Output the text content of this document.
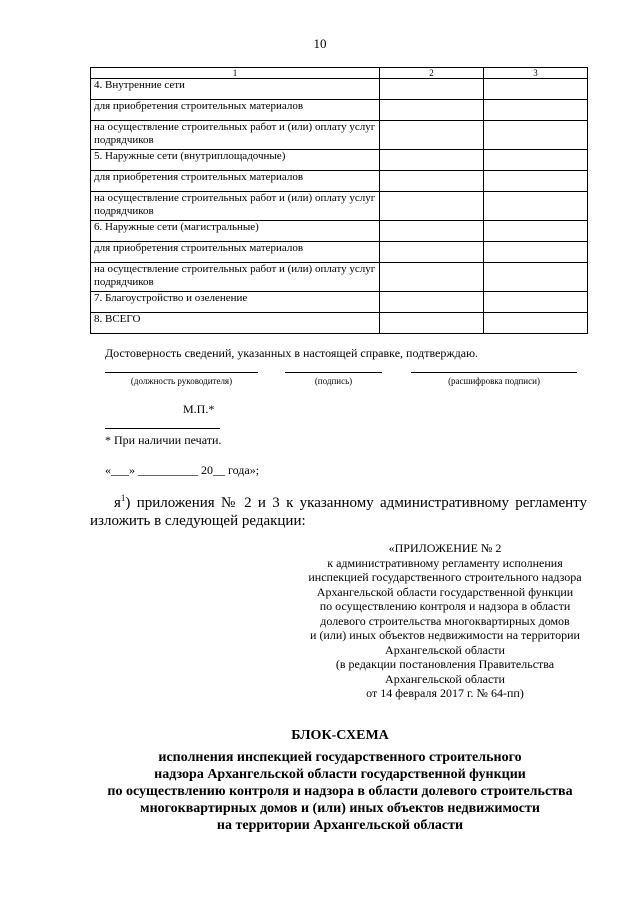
10
1	2	3
4. Внутренние сети		
для приобретения строительных материалов		
на осуществление строительных работ и (или) оплату услуг подрядчиков		
5. Наружные сети (внутриплощадочные)		
для приобретения строительных материалов		
на осуществление строительных работ и (или) оплату услуг подрядчиков		
6. Наружные сети (магистральные)		
для приобретения строительных материалов		
на осуществление строительных работ и (или) оплату услуг подрядчиков		
7. Благоустройство и озеленение		
8. ВСЕГО		
Достоверность сведений, указанных в настоящей справке, подтверждаю.
(должность руководителя)	(подпись)	(расшифровка подписи)
М.П.*
* При наличии печати.
«___» __________ 20__ года»;
$я^1$) приложения № 2 и 3 к указанному административному регламенту изложить в следующей редакции:
«ПРИЛОЖЕНИЕ № 2
к административному регламенту исполнения
инспекцией государственного строительного надзора
Архангельской области государственной функции
по осуществлению контроля и надзора в области
долевого строительства многоквартирных домов
и (или) иных объектов недвижимости на территории
Архангельской области
(в редакции постановления Правительства
Архангельской области
от 14 февраля 2017 г. № 64-пп)
БЛОК-СХЕМА
исполнения инспекцией государственного строительного
надзора Архангельской области государственной функции
по осуществлению контроля и надзора в области долевого строительства
многоквартирных домов и (или) иных объектов недвижимости
на территории Архангельской области
